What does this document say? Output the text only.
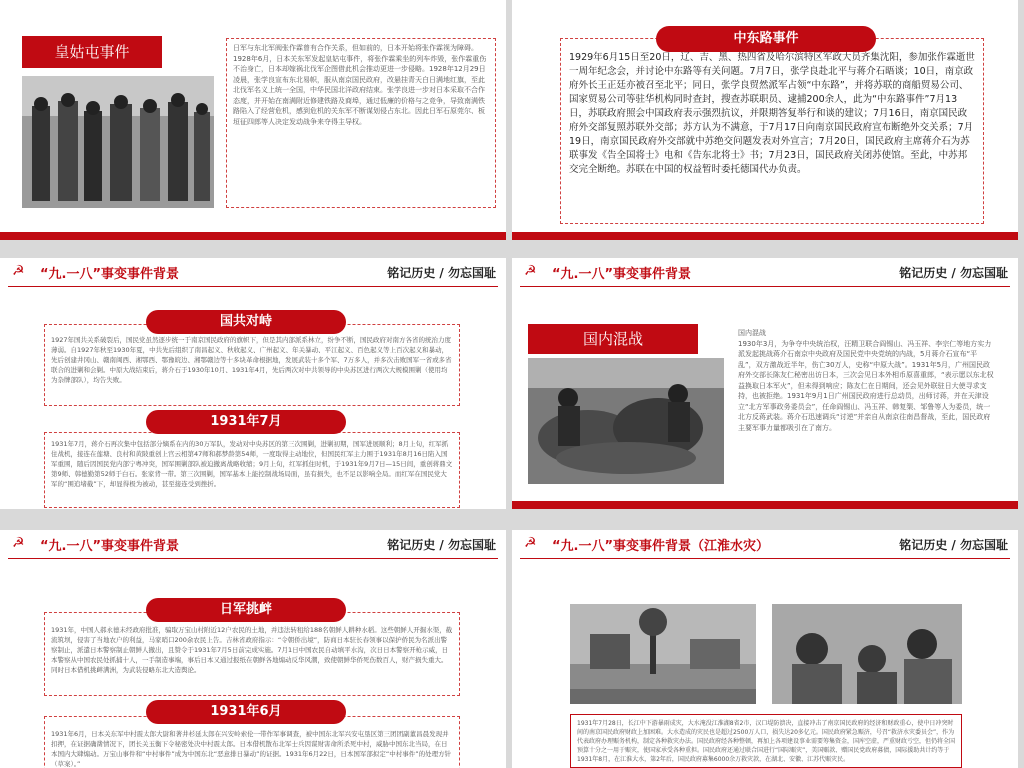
皇姑屯事件	日军与东北军阀张作霖曾有合作关系，但如前的，日本开始将张作霖视为障碍。1928年6月，日本关东军发起皇姑屯事件，将张作霖乘坐的列车炸毁，张作霖重伤不治身亡，日本却嫁祸北伐军企图借此机会推动更进一步侵略。1928年12月29日凌晨，张学良宣布东北易帜，服从南京国民政府，改悬挂青天白日满地红旗，至此北伐军名义上统一全国，中华民国北洋政府结束。张学良进一步对日本采取不合作态度，并开始在南满附近修建铁路及商埠，通过低廉的价格与之竞争，导致南满铁路陷入了经营危机，感到危机的关东军不断谋划侵占东北。因此日军石原莞尔、板垣征四郎等人决定发动战争来夺得主导权。

1929年6月15日至20日，辽、吉、黑、热四省及哈尔滨特区军政大员齐集沈阳，参加张作霖逝世一周年纪念会，并讨论中东路等有关问题。7月7日，张学良赴北平与蒋介石晤谈；10日，南京政府外长王正廷亦被召至北平；同日，张学良贸然派军占领“中东路”，并将苏联的商船贸易公司、国家贸易公司等驻华机构同时查封，搜查苏联职员、逮捕200余人，此为“中东路事件”7月13日，苏联政府照会中国政府表示强烈抗议，并限期答复举行和谈的建议；7月16日，南京国民政府外交部复照苏联外交部；苏方认为不满意，于7月17日向南京国民政府宣布断绝外交关系；7月19日，南京国民政府外交部就中苏绝交问题发表对外宣言；7月20日，国民政府主席蒋介石为苏联事发《告全国将士》电和《告东北将士》书；7月23日，国民政府关闭苏使馆。至此，中苏邦交完全断绝。苏联在中国的权益暂时委托德国代办负责。

中东路事件
☭ “九.一八”事变事件背景	铭记历史 / 勿忘国耻
1927年国共关系破裂后，国民党虽然逐步统一于南京国民政府的旗帜下，但是其内部派系林立，纷争不断，国民政府对南方各省的统治力度薄弱。自1927年秋至1930年夏，中共先后组织了南昌起义、秋收起义、广州起义、年关暴动、平江起义、百色起义等上百次起义和暴动，先后创建井冈山、赣南闽西、湘鄂西、鄂豫皖边、湘鄂赣边等十多块革命根据地，发展武装十多个军、7万多人，并多次击败国军一省或多省联合的进剿和会剿。中原大战结束后，蒋介石于1930年10月、1931年4月，先后两次对中共领导的中央苏区进行两次大规模围剿（使用均为杂牌部队），均告失败。
国共对峙
1931年7月，蒋介石再次集中包括部分嫡系在内的30万军队，发动对中央苏区的第三次围剿，进剿初期，国军进展顺利；8月上旬，红军抓住战机，接连在莲塘、良村和黄陂重创上官云相第47师和郝梦龄第54师，一度取得主动地位，但国民红军主力围于1931年8月16日陷入国军重围，随后因国民党内部宁粤冲突，国军围剿部队被迫撤离战略收缩；9月上旬，红军抓住时机，于1931年9月7日—15日间，重创蒋鼎文第9师、韩德勤第52师于白石。张家背一带。第三次围剿，国军基本上能控制战场局面，虽有损失，也不足以影响全局。而红军在国民党大军的“围追堵截”下，却显得极为被动，甚至接连受到挫折。
1931年7月
☭ “九.一八”事变事件背景	铭记历史 / 勿忘国耻
国内混战	国内混战
1930年3月，为争夺中央统治权，汪精卫联合阎锡山、冯玉祥、李宗仁等地方实力派发起挑战蒋介石南京中央政府及国民党中央党统的内战，5月蒋介石宣布“平乱”，双方激战近半年，伤亡30万人，史称“中原大战”。1931年5月，广州国民政府外交部长陈友仁秘密出访日本，三次会见日本外相币原喜重郎，“表示愿以东北权益换取日本军火”，但未得到响应；陈友仁在日期间，还会见外联驻日大使寻求支持，也被拒绝。1931年9月1日广州国民政府进行总动员，出师讨蒋，并在天津设立“北方军事政务委员会”，任命阎锡山、冯玉祥、韩复榘、邹鲁等人为委员，统一北方反蒋武装。蒋介石迅速调兵“讨逆”并亲自从南京往南昌督战，至此，国民政府主要军事力量都吸引在了南方。
☭ “九.一八”事变事件背景	铭记历史 / 勿忘国耻
1931年，中国人郝永德未经政府批准，骗取万宝山村附近12户农民的土地，并违法转租给188名朝鲜人耕种水稻。这些朝鲜人开掘水渠，截流筑坝，侵害了当地农户的利益，马家哨口200余农民上告。吉林省政府指示：“令朝侨出境”，防商日本驻长春领事以保护侨民为名派出警察制止，派遣日本警察制止朝鲜人撤出，且赞令于1931年7月5日前完成实施。7月1日中国农民自动填平水沟，次日日本警察开枪示威，日本警察从中国农民处抓捕十人，一手制造事端，事后日本又通过报纸在朝鲜各地煽动反华风潮，致使朝鲜华侨死伤数百人，财产损失重大。同时日本借机挑衅满洲，为武装侵略东北大造舆论。
日军挑衅
1931年6月，日本关东军中村震太郎大尉和著井杉延太郎在兴安岭索伦一带作军事调查，被中国东北军兴安屯垦区第三团团副董昌晨发现并扣押，在证据确凿情况下，团长关玉衡下令秘密处决中村震太郎。日本借机散布北军士兵因谋财害命所杀死中村，威胁中国东北当局，在日本国内大肆煽动。万宝山事件和“中村事件”成为中国东北“恶意排日暴动”的证据。1931年6月22日，日本国军部拟定“中村事件”的处理方针（草案）。”
1931年6月
☭ “九.一八”事变事件背景（江淮水灾）	铭记历史 / 勿忘国耻
1931年7月28日，长江中下游暴雨成灾，大水淹没江淮湖8省2市，汉口堤防溃决，直接冲击了南京国民政府的经济和财政重心，使中日冲突时间的南京国民政府财政上加困难。大水造成的灾民也是超过2500万人口，损失达20多亿元。国民政府紧急赈济，号召“救济水灾委员会”，作为代表政府办理赈务机构，制定各种救灾办法。国民政府经各种整顿，再加上各项建设事业需要筹集资金，国库空虚，严重财政亏空，但仍将全国预算十分之一用于赈灾，使国家承受各种重担。国民政府还通过联合国进行“国际赈灾”，美国赈款、赠国民党政府募债，国际援助共计约等于1931年8月，在江淮大水，第2年后，国民政府募集6000余万救灾款，在湖北、安徽、江苏代赈灾民。
